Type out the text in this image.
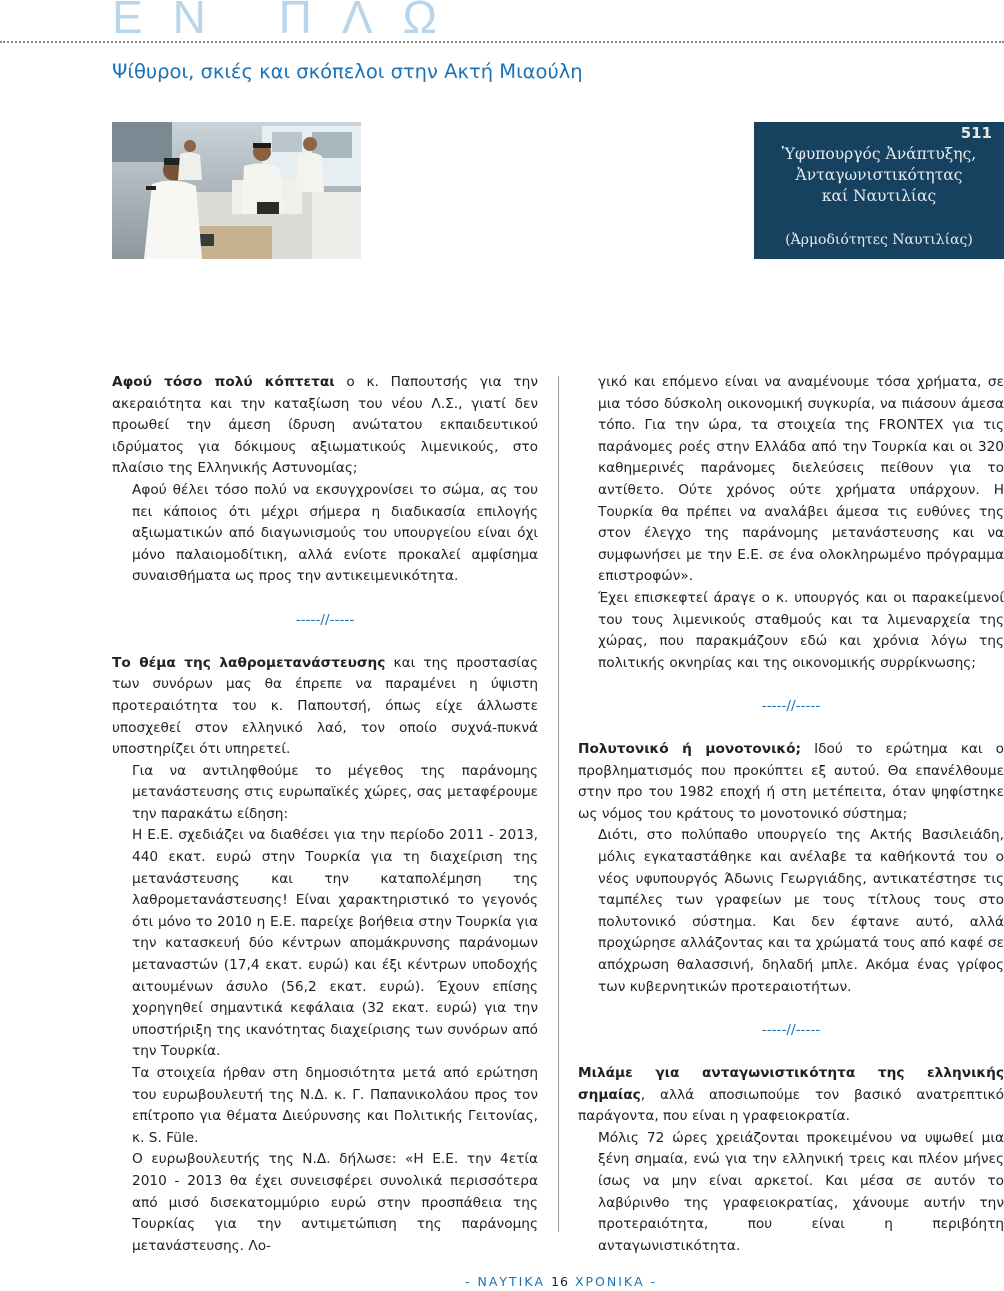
ΕΝ ΠΛΩ
Ψίθυροι, σκιές και σκόπελοι στην Ακτή Μιαούλη
511
Ὑφυπουργός Ἀνάπτυξης,
Ἀνταγωνιστικότητας
καί Ναυτιλίας
(Ἀρμοδιότητες Ναυτιλίας)

Αφού τόσο πολύ κόπτεται ο κ. Παπουτσής για την ακεραιότητα και την καταξίωση του νέου Λ.Σ., γιατί δεν προωθεί την άμεση ίδρυση ανώτατου εκπαιδευτικού ιδρύματος για δόκιμους αξιωματικούς λιμενικούς, στο πλαίσιο της Ελληνικής Αστυνομίας;

Αφού θέλει τόσο πολύ να εκσυγχρονίσει το σώμα, ας του πει κάποιος ότι μέχρι σήμερα η διαδικασία επιλογής αξιωματικών από διαγωνισμούς του υπουργείου είναι όχι μόνο παλαιομοδίτικη, αλλά ενίοτε προκαλεί αμφίσημα συναισθήματα ως προς την αντικειμενικότητα.

-----//-----

Το θέμα της λαθρομετανάστευσης και της προστασίας των συνόρων μας θα έπρεπε να παραμένει η ύψιστη προτεραιότητα του κ. Παπουτσή, όπως είχε άλλωστε υποσχεθεί στον ελληνικό λαό, τον οποίο συχνά-πυκνά υποστηρίζει ότι υπηρετεί.

Για να αντιληφθούμε το μέγεθος της παράνομης μετανάστευσης στις ευρωπαϊκές χώρες, σας μεταφέρουμε την παρακάτω είδηση:

Η Ε.Ε. σχεδιάζει να διαθέσει για την περίοδο 2011 - 2013, 440 εκατ. ευρώ στην Τουρκία για τη διαχείριση της μετανάστευσης και την καταπολέμηση της λαθρομετανάστευσης! Είναι χαρακτηριστικό το γεγονός ότι μόνο το 2010 η Ε.Ε. παρείχε βοήθεια στην Τουρκία για την κατασκευή δύο κέντρων απομάκρυνσης παράνομων μεταναστών (17,4 εκατ. ευρώ) και έξι κέντρων υποδοχής αιτουμένων άσυλο (56,2 εκατ. ευρώ). Έχουν επίσης χορηγηθεί σημαντικά κεφάλαια (32 εκατ. ευρώ) για την υποστήριξη της ικανότητας διαχείρισης των συνόρων από την Τουρκία.

Τα στοιχεία ήρθαν στη δημοσιότητα μετά από ερώτηση του ευρωβουλευτή της Ν.Δ. κ. Γ. Παπανικολάου προς τον επίτροπο για θέματα Διεύρυνσης και Πολιτικής Γειτονίας, κ. S. Füle.

Ο ευρωβουλευτής της Ν.Δ. δήλωσε: «Η Ε.Ε. την 4ετία 2010 - 2013 θα έχει συνεισφέρει συνολικά περισσότερα από μισό δισεκατομμύριο ευρώ στην προσπάθεια της Τουρκίας για την αντιμετώπιση της παράνομης μετανάστευσης. Λο-

γικό και επόμενο είναι να αναμένουμε τόσα χρήματα, σε μια τόσο δύσκολη οικονομική συγκυρία, να πιάσουν άμεσα τόπο. Για την ώρα, τα στοιχεία της FRONTEX για τις παράνομες ροές στην Ελλάδα από την Τουρκία και οι 320 καθημερινές παράνομες διελεύσεις πείθουν για το αντίθετο. Ούτε χρόνος ούτε χρήματα υπάρχουν. Η Τουρκία θα πρέπει να αναλάβει άμεσα τις ευθύνες της στον έλεγχο της παράνομης μετανάστευσης και να συμφωνήσει με την Ε.Ε. σε ένα ολοκληρωμένο πρόγραμμα επιστροφών».

Έχει επισκεφτεί άραγε ο κ. υπουργός και οι παρακείμενοί του τους λιμενικούς σταθμούς και τα λιμεναρχεία της χώρας, που παρακμάζουν εδώ και χρόνια λόγω της πολιτικής οκνηρίας και της οικονομικής συρρίκνωσης;

-----//-----

Πολυτονικό ή μονοτονικό; Ιδού το ερώτημα και ο προβληματισμός που προκύπτει εξ αυτού. Θα επανέλθουμε στην προ του 1982 εποχή ή στη μετέπειτα, όταν ψηφίστηκε ως νόμος του κράτους το μονοτονικό σύστημα;

Διότι, στο πολύπαθο υπουργείο της Ακτής Βασιλειάδη, μόλις εγκαταστάθηκε και ανέλαβε τα καθήκοντά του ο νέος υφυπουργός Άδωνις Γεωργιάδης, αντικατέστησε τις ταμπέλες των γραφείων με τους τίτλους τους στο πολυτονικό σύστημα. Και δεν έφτανε αυτό, αλλά προχώρησε αλλάζοντας και τα χρώματά τους από καφέ σε απόχρωση θαλασσινή, δηλαδή μπλε. Ακόμα ένας γρίφος των κυβερνητικών προτεραιοτήτων.

-----//-----

Μιλάμε για ανταγωνιστικότητα της ελληνικής σημαίας, αλλά αποσιωπούμε τον βασικό ανατρεπτικό παράγοντα, που είναι η γραφειοκρατία.

Μόλις 72 ώρες χρειάζονται προκειμένου να υψωθεί μια ξένη σημαία, ενώ για την ελληνική τρεις και πλέον μήνες ίσως να μην είναι αρκετοί. Και μέσα σε αυτόν το λαβύρινθο της γραφειοκρατίας, χάνουμε αυτήν την προτεραιότητα, που είναι η περιβόητη ανταγωνιστικότητα.

- ΝΑΥΤΙΚΑ 16 ΧΡΟΝΙΚΑ -
